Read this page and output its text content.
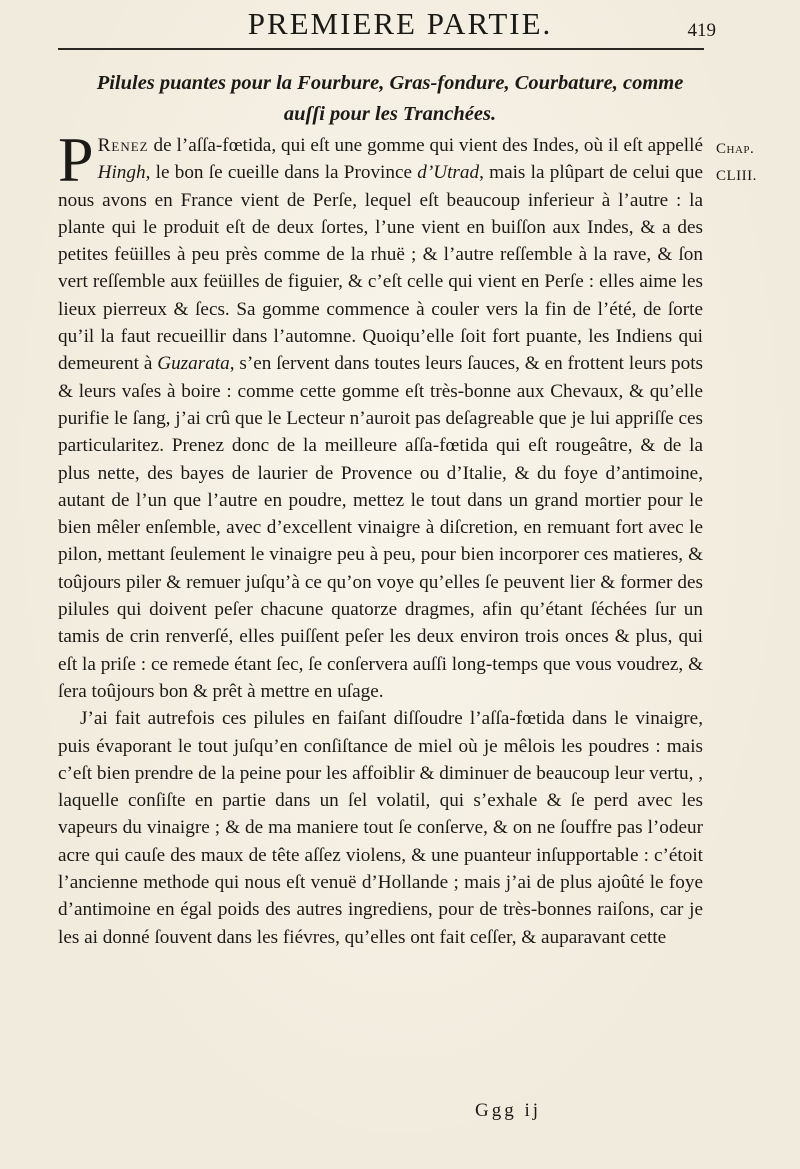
PREMIERE PARTIE.	419
Pilules puantes pour la Fourbure, Gras-fondure, Courbature, comme
auſſi pour les Tranchées.
Chap.
CLIII.

P Renez de l’aſſa-fœtida, qui eſt une gomme qui vient des Indes, où il eſt appellé Hingh, le bon ſe cueille dans la Province d’Utrad, mais la plûpart de celui que nous avons en France vient de Perſe, lequel eſt beaucoup inferieur à l’autre : la plante qui le produit eſt de deux ſortes, l’une vient en buiſſon aux Indes, & a des petites feüilles à peu près comme de la rhuë ; & l’autre reſſemble à la rave, & ſon vert reſſemble aux feüilles de figuier, & c’eſt celle qui vient en Perſe : elles aime les lieux pierreux & ſecs. Sa gomme commence à couler vers la fin de l’été, de ſorte qu’il la faut recueillir dans l’automne. Quoiqu’elle ſoit fort puante, les Indiens qui demeurent à Guzarata, s’en ſervent dans toutes leurs ſauces, & en frottent leurs pots & leurs vaſes à boire : comme cette gomme eſt très-bonne aux Chevaux, & qu’elle purifie le ſang, j’ai crû que le Lecteur n’auroit pas deſagreable que je lui appriſſe ces particularitez. Prenez donc de la meilleure aſſa-fœtida qui eſt rougeâtre, & de la plus nette, des bayes de laurier de Provence ou d’Italie, & du foye d’antimoine, autant de l’un que l’autre en poudre, mettez le tout dans un grand mortier pour le bien mêler enſemble, avec d’excellent vinaigre à diſcretion, en remuant fort avec le pilon, mettant ſeulement le vinaigre peu à peu, pour bien incorporer ces matieres, & toûjours piler & remuer juſqu’à ce qu’on voye qu’elles ſe peuvent lier & former des pilules qui doivent peſer chacune quatorze dragmes, afin qu’étant ſéchées ſur un tamis de crin renverſé, elles puiſſent peſer les deux environ trois onces & plus, qui eſt la priſe : ce remede étant ſec, ſe conſervera auſſi long-temps que vous voudrez, & ſera toûjours bon & prêt à mettre en uſage.

J’ai fait autrefois ces pilules en faiſant diſſoudre l’aſſa-fœtida dans le vinaigre, puis évaporant le tout juſqu’en conſiſtance de miel où je mêlois les poudres : mais c’eſt bien prendre de la peine pour les affoiblir & diminuer de beaucoup leur vertu, , laquelle conſiſte en partie dans un ſel volatil, qui s’exhale & ſe perd avec les vapeurs du vinaigre ; & de ma maniere tout ſe conſerve, & on ne ſouffre pas l’odeur acre qui cauſe des maux de tête aſſez violens, & une puanteur inſupportable : c’étoit l’ancienne methode qui nous eſt venuë d’Hollande ; mais j’ai de plus ajoûté le foye d’antimoine en égal poids des autres ingrediens, pour de très-bonnes raiſons, car je les ai donné ſouvent dans les fiévres, qu’elles ont fait ceſſer, & auparavant cette

Ggg ij
